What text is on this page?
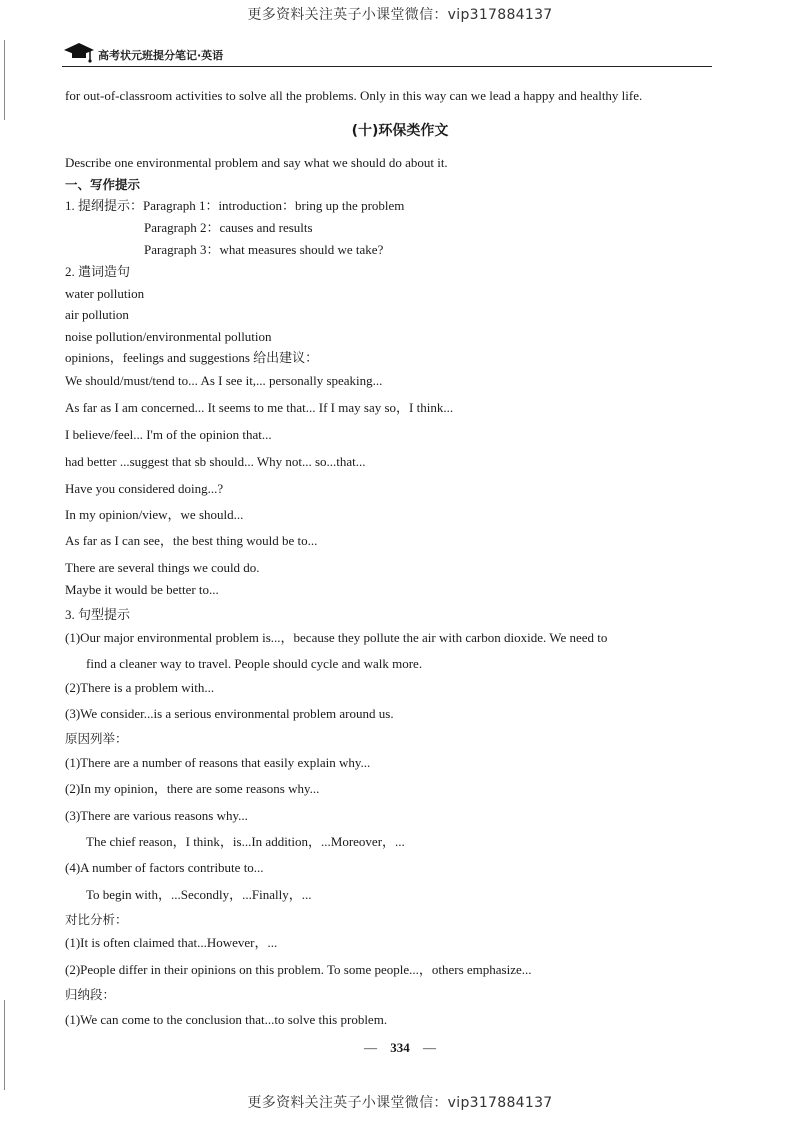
更多资料关注英子小课堂微信：vip317884137
高考状元班提分笔记·英语
for out-of-classroom activities to solve all the problems. Only in this way can we lead a happy and healthy life.
(十)环保类作文
Describe one environmental problem and say what we should do about it.
一、写作提示
1. 提纲提示：Paragraph 1：introduction：bring up the problem
Paragraph 2：causes and results
Paragraph 3：what measures should we take?
2. 遣词造句
water pollution
air pollution
noise pollution/environmental pollution
opinions，feelings and suggestions 给出建议：
We should/must/tend to... As I see it,... personally speaking...
As far as I am concerned... It seems to me that... If I may say so，I think...
I believe/feel... I'm of the opinion that...
had better ...suggest that sb should... Why not... so...that...
Have you considered doing...?
In my opinion/view，we should...
As far as I can see，the best thing would be to...
There are several things we could do.
Maybe it would be better to...
3. 句型提示
(1)Our major environmental problem is...，because they pollute the air with carbon dioxide. We need to
find a cleaner way to travel. People should cycle and walk more.
(2)There is a problem with...
(3)We consider...is a serious environmental problem around us.
原因列举：
(1)There are a number of reasons that easily explain why...
(2)In my opinion，there are some reasons why...
(3)There are various reasons why...
The chief reason，I think，is...In addition，...Moreover，...
(4)A number of factors contribute to...
To begin with，...Secondly，...Finally，...
对比分析：
(1)It is often claimed that...However，...
(2)People differ in their opinions on this problem. To some people...，others emphasize...
归纳段：
(1)We can come to the conclusion that...to solve this problem.
— 334 —
更多资料关注英子小课堂微信：vip317884137
